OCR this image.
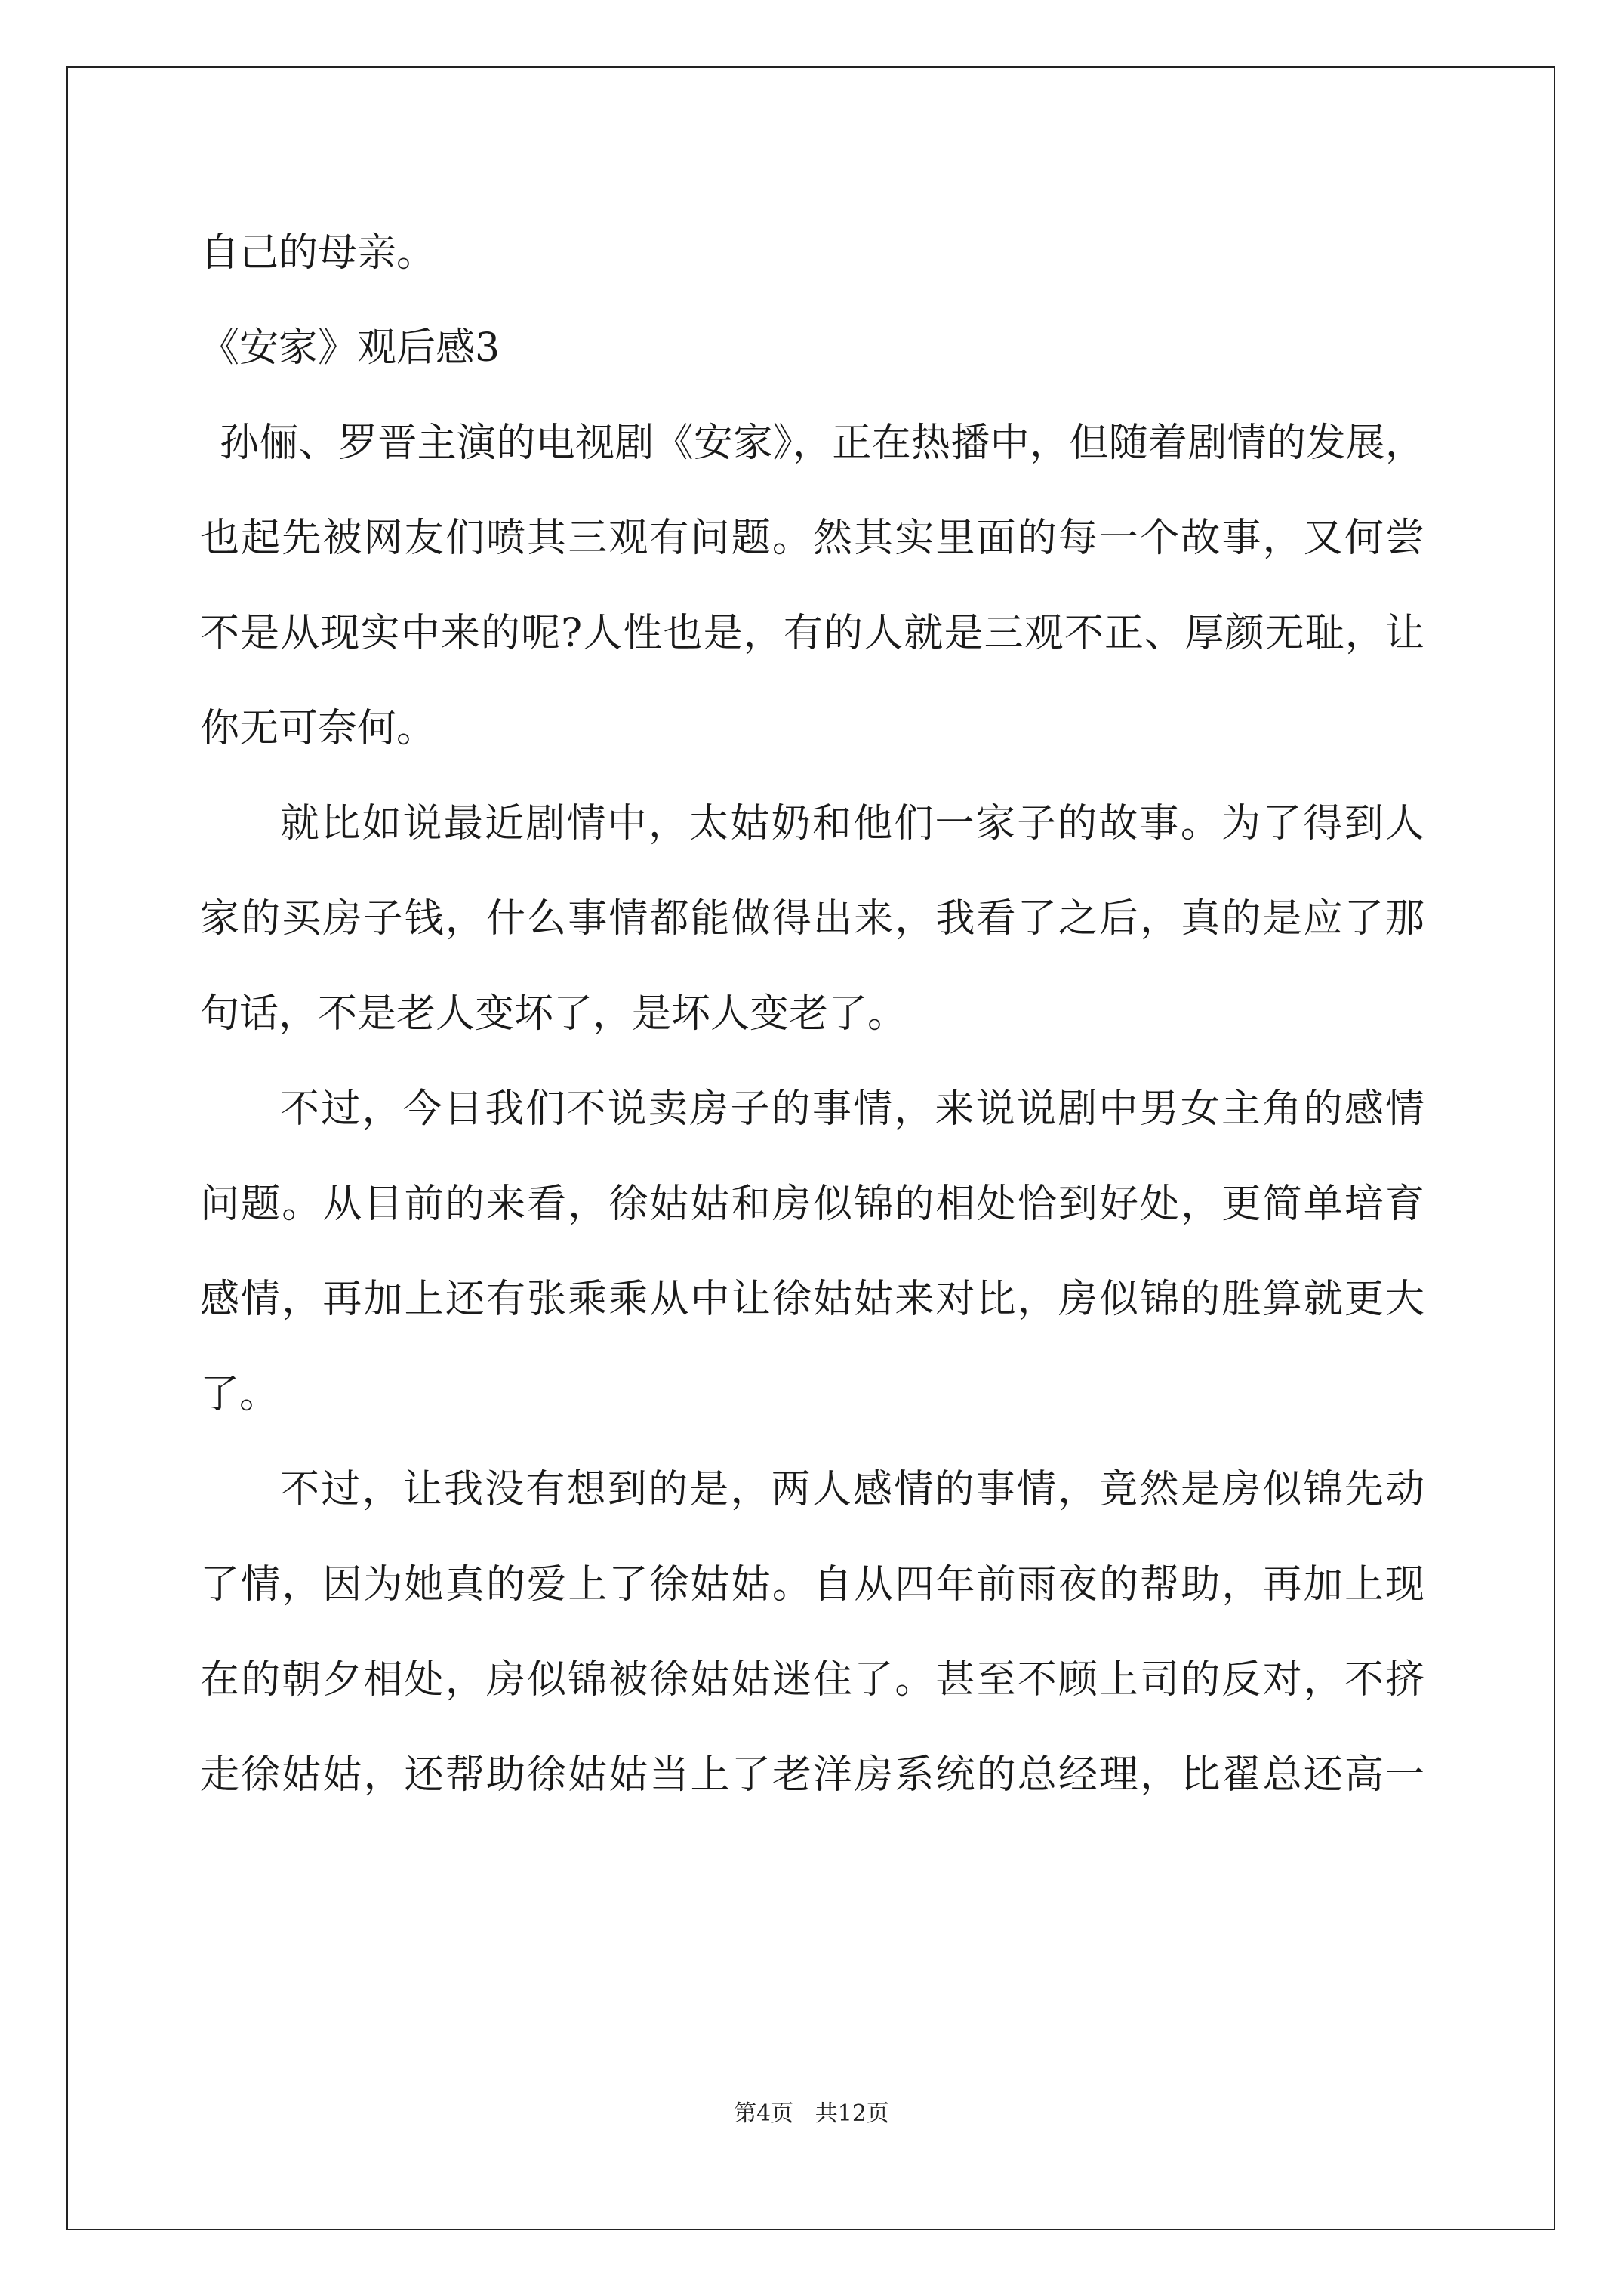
自己的母亲。
《安家》观后感3
孙俪、罗晋主演的电视剧《安家》，正在热播中，但随着剧情的发展，
也起先被网友们喷其三观有问题。然其实里面的每一个故事，又何尝
不是从现实中来的呢?人性也是，有的人就是三观不正、厚颜无耻，让
你无可奈何。
就比如说最近剧情中，太姑奶和他们一家子的故事。为了得到人
家的买房子钱，什么事情都能做得出来，我看了之后，真的是应了那
句话，不是老人变坏了，是坏人变老了。
不过，今日我们不说卖房子的事情，来说说剧中男女主角的感情
问题。从目前的来看，徐姑姑和房似锦的相处恰到好处，更简单培育
感情，再加上还有张乘乘从中让徐姑姑来对比，房似锦的胜算就更大
了。
不过，让我没有想到的是，两人感情的事情，竟然是房似锦先动
了情，因为她真的爱上了徐姑姑。自从四年前雨夜的帮助，再加上现
在的朝夕相处，房似锦被徐姑姑迷住了。甚至不顾上司的反对，不挤
走徐姑姑，还帮助徐姑姑当上了老洋房系统的总经理，比翟总还高一
第4页   共12页
